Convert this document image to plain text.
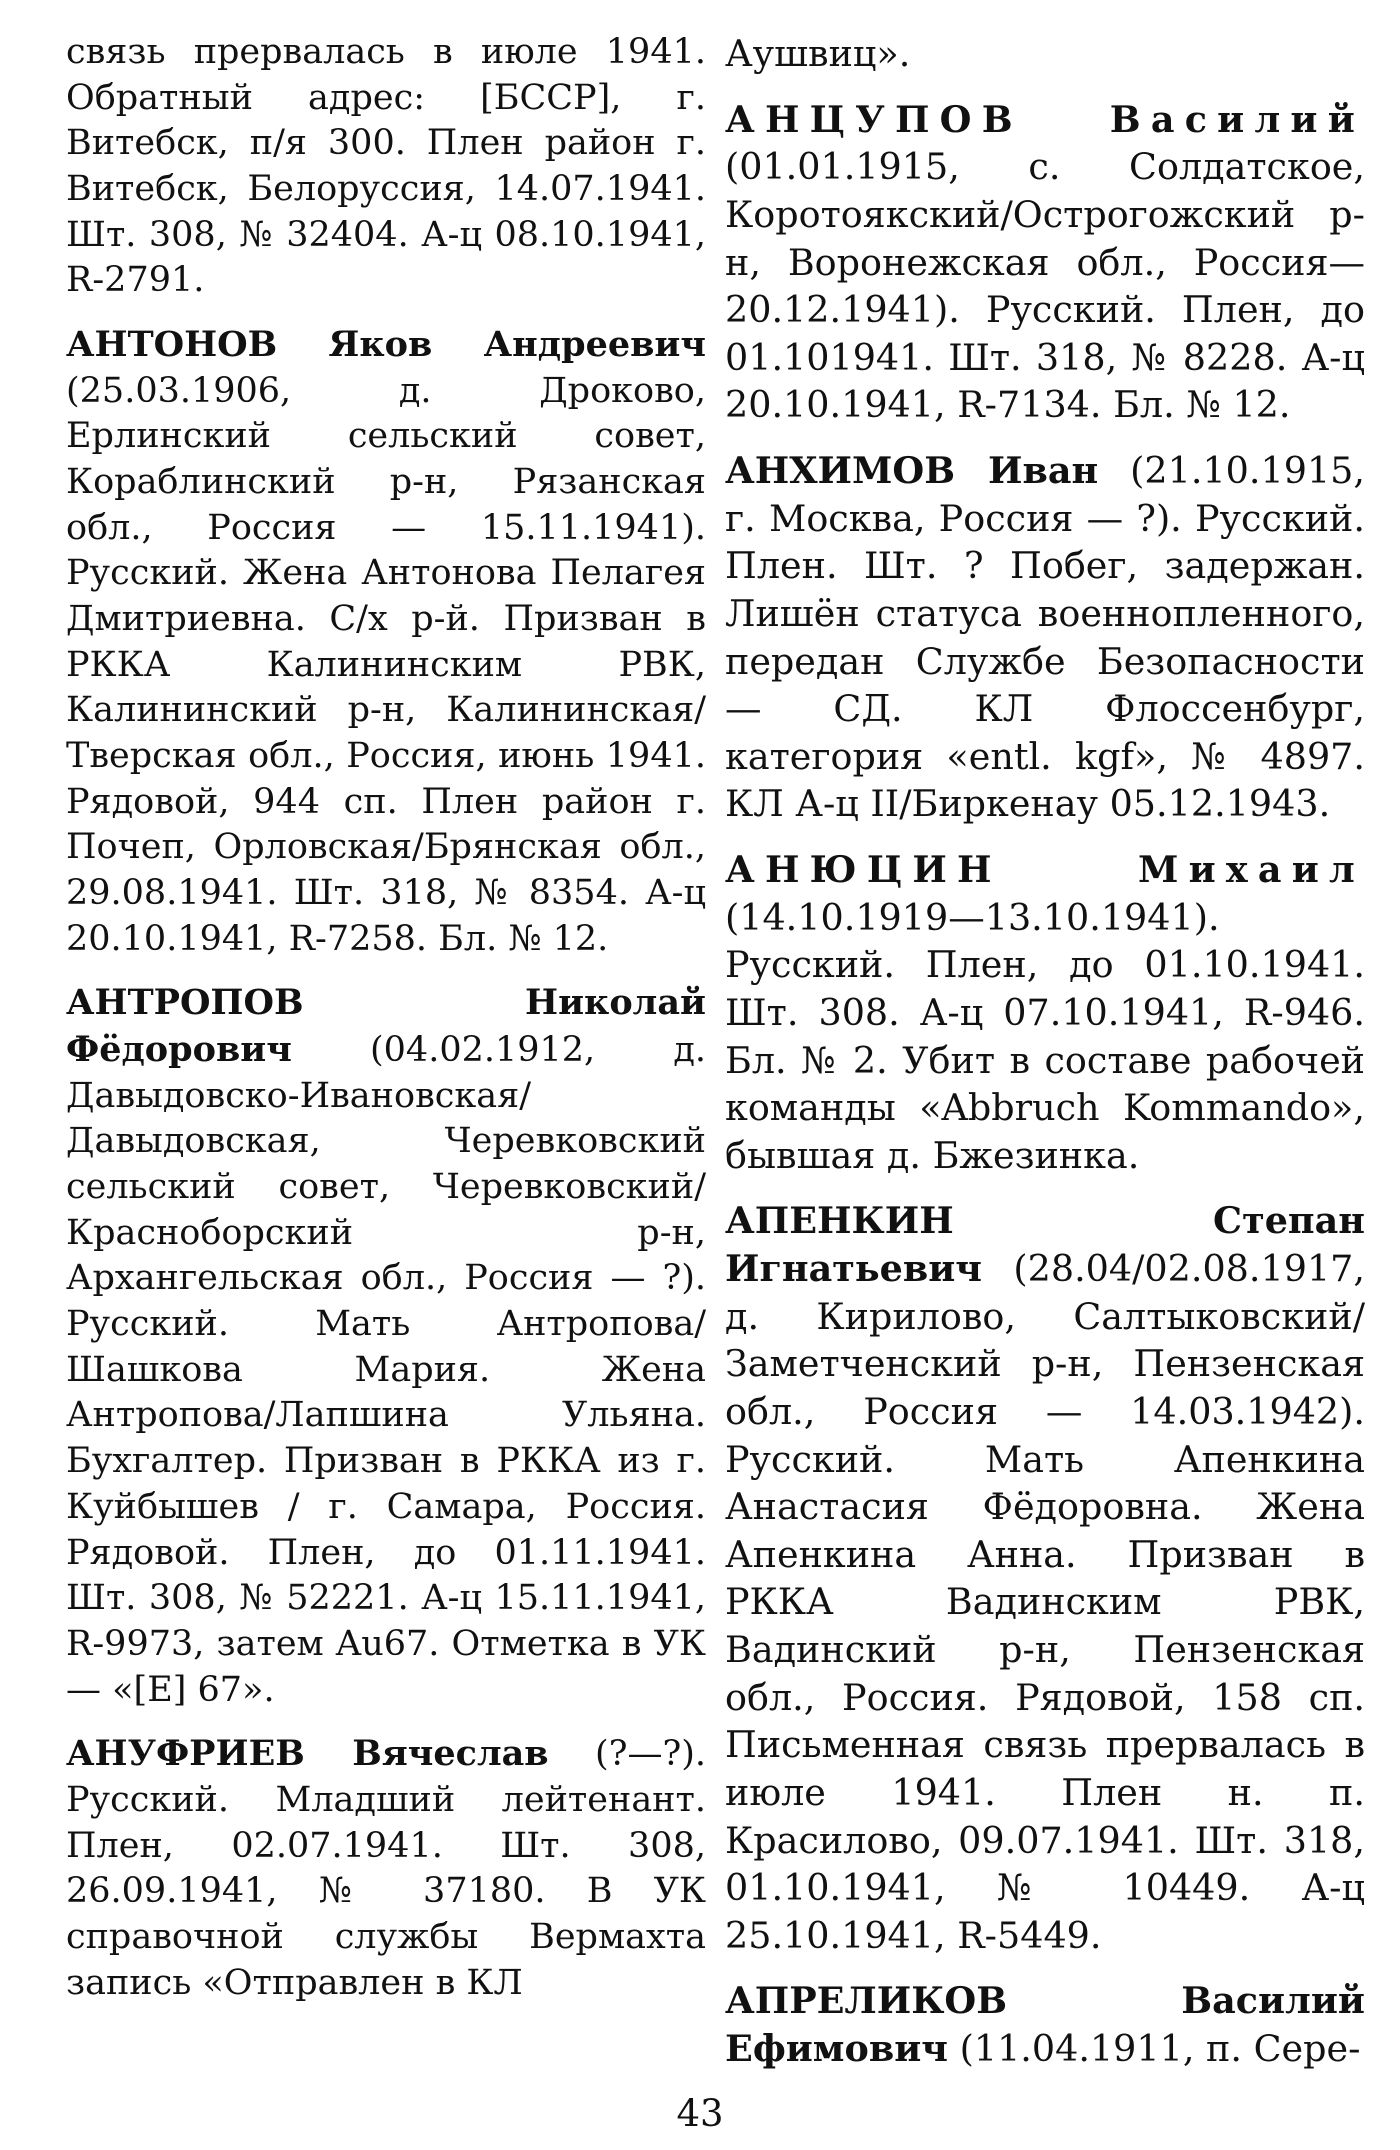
связь прервалась в июле 1941. Обратный адрес: [БССР], г. Витебск, п/я 300. Плен район г. Витебск, Белоруссия, 14.07.1941. Шт. 308, № 32404. А-ц 08.10.1941, R-2791.

АНТОНОВ Яков Андреевич (25.03.1906, д. Дроково, Ерлинский сельский совет, Кораблинский р-н, Рязанская обл., Россия — 15.11.1941). Русский. Жена Антонова Пелагея Дмитриевна. С/х р-й. Призван в РККА Калининским РВК, Калининский р-н, Калининская/Тверская обл., Россия, июнь 1941. Рядовой, 944 сп. Плен район г. Почеп, Орловская/Брянская обл., 29.08.1941. Шт. 318, № 8354. А-ц 20.10.1941, R-7258. Бл. № 12.

АНТРОПОВ Николай Фёдорович (04.02.1912, д. Давыдовско-Ивановская/Давыдовская, Черевковский сельский совет, Черевковский/Красноборский р-н, Архангельская обл., Россия — ?). Русский. Мать Антропова/Шашкова Мария. Жена Антропова/Лапшина Ульяна. Бухгалтер. Призван в РККА из г. Куйбышев / г. Самара, Россия. Рядовой. Плен, до 01.11.1941. Шт. 308, № 52221. А-ц 15.11.1941, R-9973, затем Au67. Отметка в УК — «[E] 67».

АНУФРИЕВ Вячеслав (?—?). Русский. Младший лейтенант. Плен, 02.07.1941. Шт. 308, 26.09.1941, № 37180. В УК справочной службы Вермахта запись «Отправлен в КЛ

Аушвиц».

АНЦУПОВ Василий (01.01.1915, с. Солдатское, Коротоякский/Острогожский р-н, Воронежская обл., Россия—20.12.1941). Русский. Плен, до 01.101941. Шт. 318, № 8228. А-ц 20.10.1941, R-7134. Бл. № 12.

АНХИМОВ Иван (21.10.1915, г. Москва, Россия — ?). Русский. Плен. Шт. ? Побег, задержан. Лишён статуса военнопленного, передан Службе Безопасности — СД. КЛ Флоссенбург, категория «entl. kgf», № 4897. КЛ А-ц II/Биркенау 05.12.1943.

АНЮЦИН Михаил (14.10.1919—13.10.1941). Русский. Плен, до 01.10.1941. Шт. 308. А-ц 07.10.1941, R-946. Бл. № 2. Убит в составе рабочей команды «Abbruch Kommando», бывшая д. Бжезинка.

АПЕНКИН Степан Игнатьевич (28.04/02.08.1917, д. Кирилово, Салтыковский/Заметченский р-н, Пензенская обл., Россия — 14.03.1942). Русский. Мать Апенкина Анастасия Фёдоровна. Жена Апенкина Анна. Призван в РККА Вадинским РВК, Вадинский р-н, Пензенская обл., Россия. Рядовой, 158 сп. Письменная связь прервалась в июле 1941. Плен н. п. Красилово, 09.07.1941. Шт. 318, 01.10.1941, № 10449. А-ц 25.10.1941, R-5449.

АПРЕЛИКОВ Василий Ефимович (11.04.1911, п. Сере-

43
